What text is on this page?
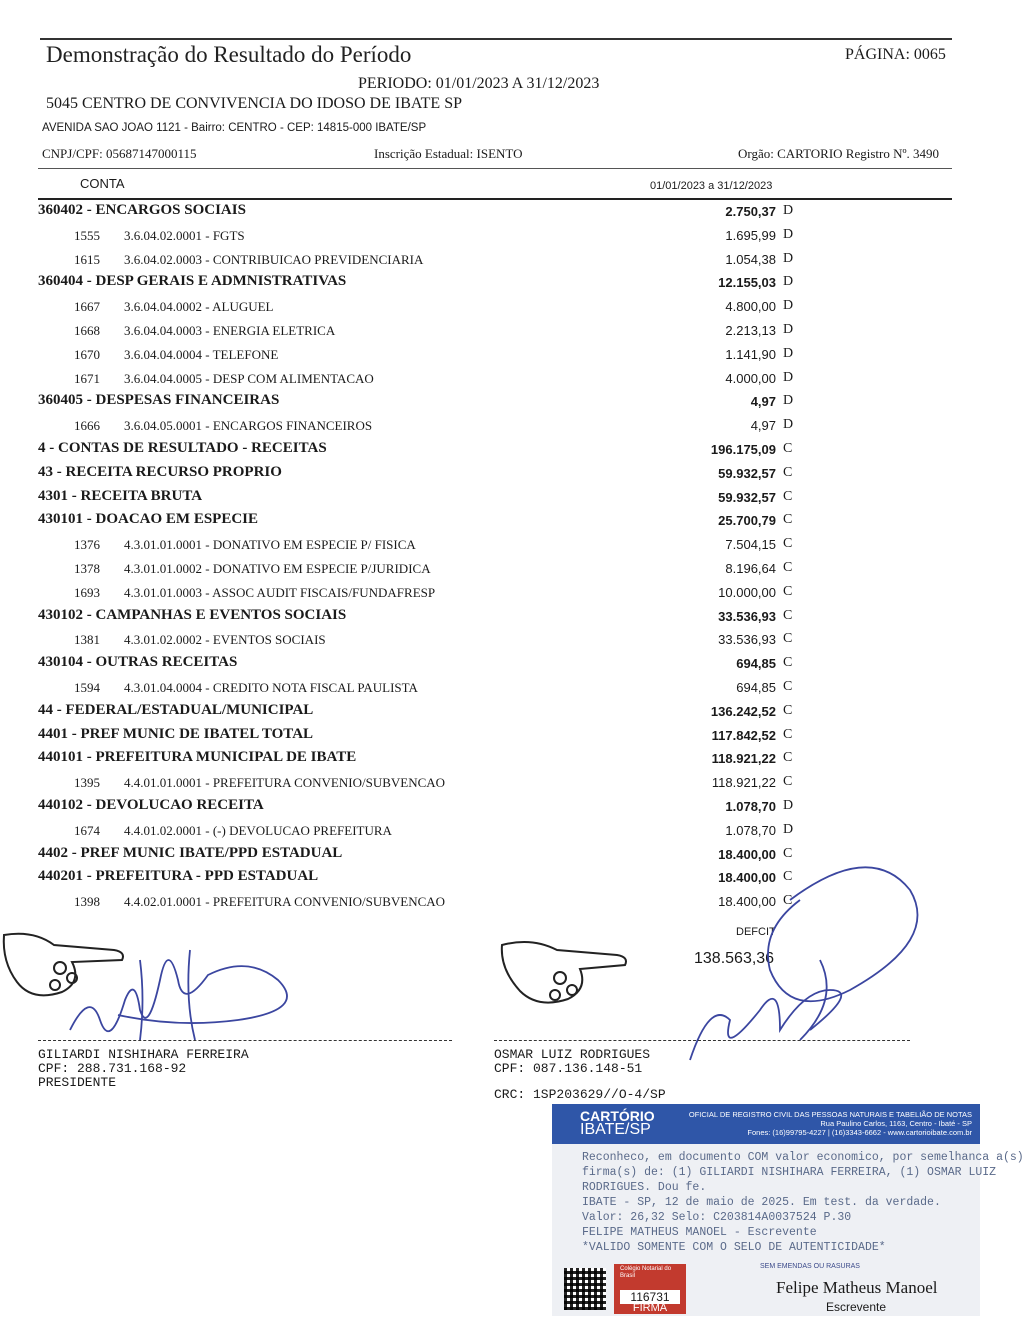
Demonstração do Resultado do Período	PÁGINA: 0065
PERIODO: 01/01/2023 A 31/12/2023
5045 CENTRO DE CONVIVENCIA DO IDOSO DE IBATE SP
AVENIDA SAO JOAO 1121 - Bairro: CENTRO - CEP: 14815-000 IBATE/SP
CNPJ/CPF: 05687147000115	Inscrição Estadual: ISENTO	Orgão: CARTORIO Registro Nº. 3490
CONTA	01/01/2023 a 31/12/2023
360402 - ENCARGOS SOCIAIS	2.750,37 D
1555 3.6.04.02.0001 - FGTS	1.695,99 D
1615 3.6.04.02.0003 - CONTRIBUICAO PREVIDENCIARIA	1.054,38 D
360404 - DESP GERAIS E ADMNISTRATIVAS	12.155,03 D
1667 3.6.04.04.0002 - ALUGUEL	4.800,00 D
1668 3.6.04.04.0003 - ENERGIA ELETRICA	2.213,13 D
1670 3.6.04.04.0004 - TELEFONE	1.141,90 D
1671 3.6.04.04.0005 - DESP COM ALIMENTACAO	4.000,00 D
360405 - DESPESAS FINANCEIRAS	4,97 D
1666 3.6.04.05.0001 - ENCARGOS FINANCEIROS	4,97 D
4 - CONTAS DE RESULTADO - RECEITAS	196.175,09 C
43 - RECEITA RECURSO PROPRIO	59.932,57 C
4301 - RECEITA BRUTA	59.932,57 C
430101 - DOACAO EM ESPECIE	25.700,79 C
1376 4.3.01.01.0001 - DONATIVO EM ESPECIE P/ FISICA	7.504,15 C
1378 4.3.01.01.0002 - DONATIVO EM ESPECIE P/JURIDICA	8.196,64 C
1693 4.3.01.01.0003 - ASSOC AUDIT FISCAIS/FUNDAFRESP	10.000,00 C
430102 - CAMPANHAS E EVENTOS SOCIAIS	33.536,93 C
1381 4.3.01.02.0002 - EVENTOS SOCIAIS	33.536,93 C
430104 - OUTRAS RECEITAS	694,85 C
1594 4.3.01.04.0004 - CREDITO NOTA FISCAL PAULISTA	694,85 C
44 - FEDERAL/ESTADUAL/MUNICIPAL	136.242,52 C
4401 - PREF MUNIC DE IBATEL TOTAL	117.842,52 C
440101 - PREFEITURA MUNICIPAL DE IBATE	118.921,22 C
1395 4.4.01.01.0001 - PREFEITURA CONVENIO/SUBVENCAO	118.921,22 C
440102 - DEVOLUCAO RECEITA	1.078,70 D
1674 4.4.01.02.0001 - (-) DEVOLUCAO PREFEITURA	1.078,70 D
4402 - PREF MUNIC IBATE/PPD ESTADUAL	18.400,00 C
440201 - PREFEITURA - PPD ESTADUAL	18.400,00 C
1398 4.4.02.01.0001 - PREFEITURA CONVENIO/SUBVENCAO	18.400,00 C
DEFCIT
138.563,36
GILIARDI NISHIHARA FERREIRA
CPF: 288.731.168-92
PRESIDENTE
OSMAR LUIZ RODRIGUES
CPF: 087.136.148-51
CRC: 1SP203629//O-4/SP
CARTÓRIO
IBATE/SP
OFICIAL DE REGISTRO CIVIL DAS PESSOAS NATURAIS E TABELIÃO DE NOTAS
Rua Paulino Carlos, 1163, Centro - Ibaté - SP
Fones: (16)99795-4227 | (16)3343-6662 - www.cartorioibate.com.br
Reconheco, em documento COM valor economico, por semelhanca a(s)
firma(s) de: (1) GILIARDI NISHIHARA FERREIRA, (1) OSMAR LUIZ
RODRIGUES. Dou fe.
IBATE - SP, 12 de maio de 2025. Em test. da verdade.
Valor: 26,32 Selo: C203814A0037524 P.30
FELIPE MATHEUS MANOEL - Escrevente
*VALIDO SOMENTE COM O SELO DE AUTENTICIDADE*
Colégio Notarial do Brasil
116731
FIRMA
SEM EMENDAS OU RASURAS
Felipe Matheus Manoel
Escrevente
